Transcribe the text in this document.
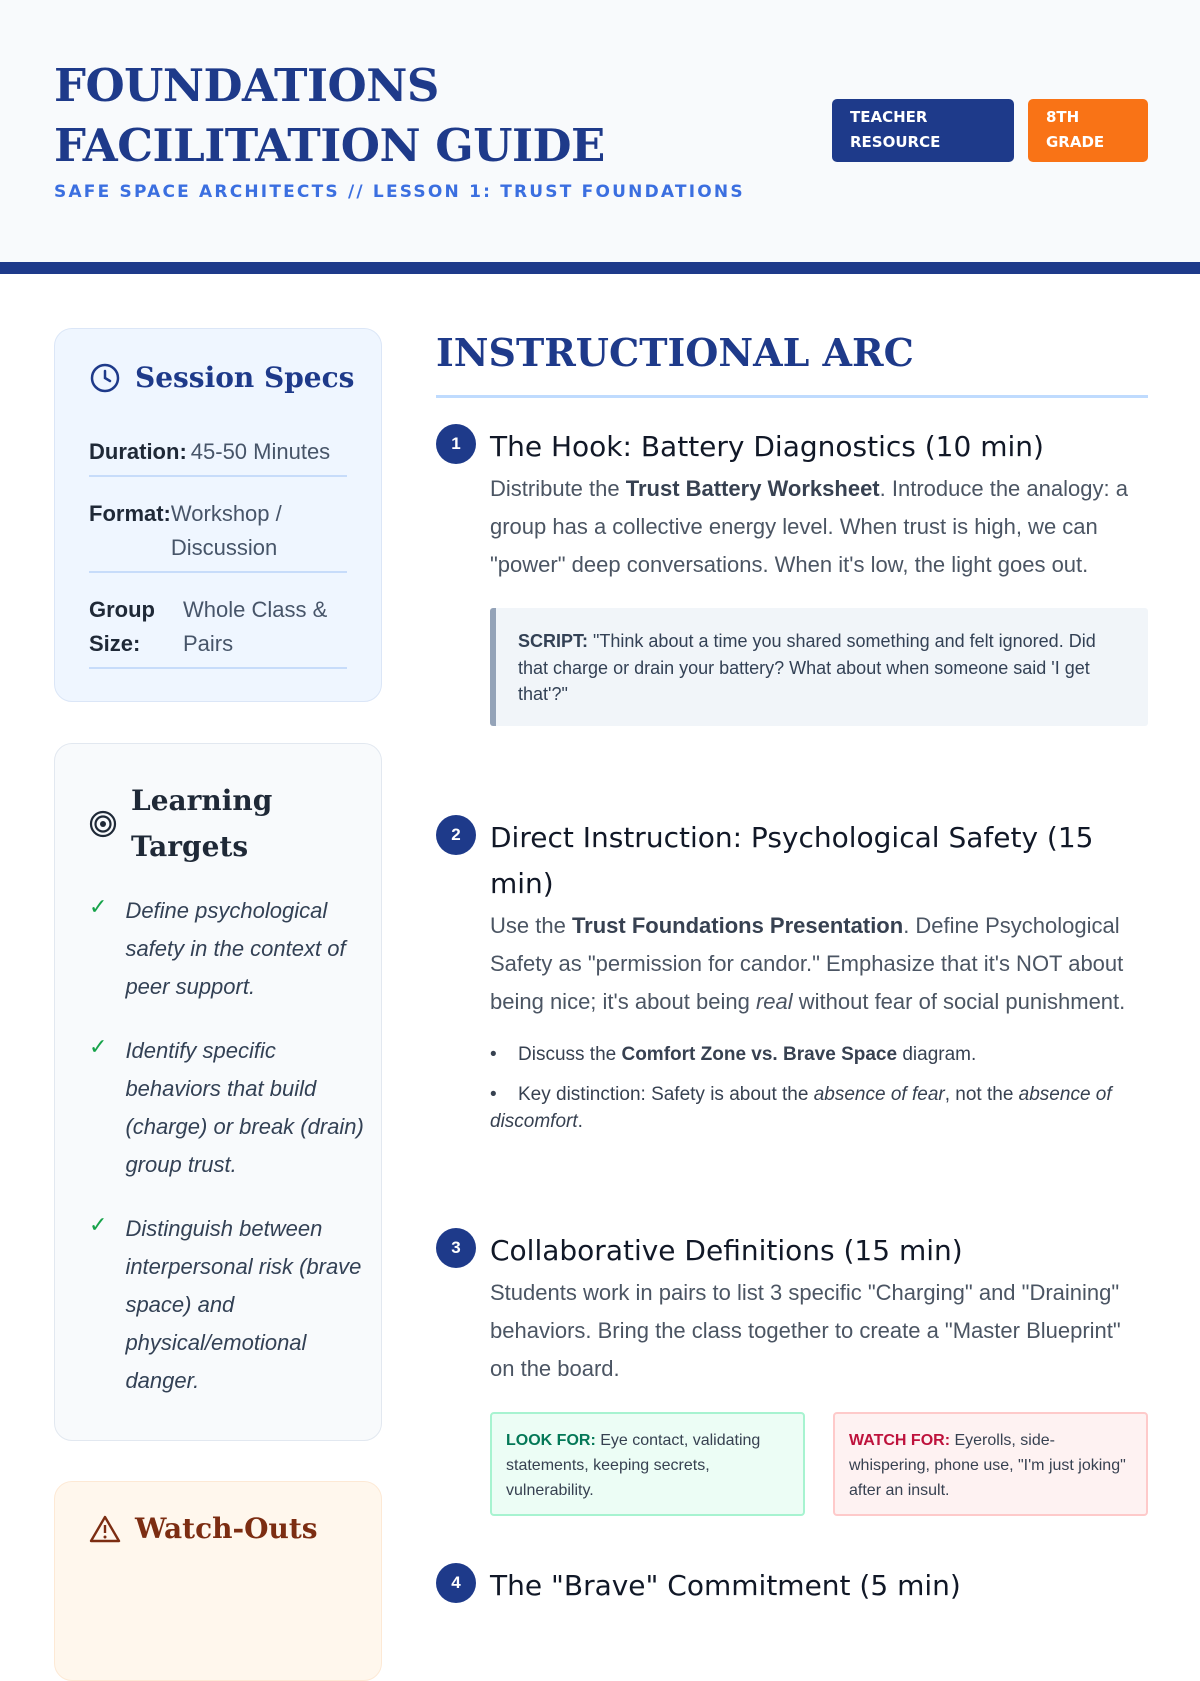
FOUNDATIONS FACILITATION GUIDE
SAFE SPACE ARCHITECTS // LESSON 1: TRUST FOUNDATIONS
TEACHER RESOURCE
8TH GRADE
Session Specs
Duration: 45-50 Minutes
Format: Workshop / Discussion
Group Size:
Whole Class & Pairs
Learning Targets
✓ Define psychological safety in the context of peer support.
✓ Identify specific behaviors that build (charge) or break (drain) group trust.
✓ Distinguish between interpersonal risk (brave space) and physical/emotional danger.
Watch-Outs
INSTRUCTIONAL ARC
1	The Hook: Battery Diagnostics (10 min)
Distribute the Trust Battery Worksheet. Introduce the analogy: a group has a collective energy level. When trust is high, we can "power" deep conversations. When it's low, the light goes out.
SCRIPT: "Think about a time you shared something and felt ignored. Did that charge or drain your battery? What about when someone said 'I get that'?"
2	Direct Instruction: Psychological Safety (15 min)
Use the Trust Foundations Presentation. Define Psychological Safety as "permission for candor." Emphasize that it's NOT about being nice; it's about being real without fear of social punishment.
• Discuss the Comfort Zone vs. Brave Space diagram.
• Key distinction: Safety is about the absence of fear, not the absence of discomfort.
3	Collaborative Definitions (15 min)
Students work in pairs to list 3 specific "Charging" and "Draining" behaviors. Bring the class together to create a "Master Blueprint" on the board.
LOOK FOR: Eye contact, validating statements, keeping secrets, vulnerability.
WATCH FOR: Eyerolls, side-whispering, phone use, "I'm just joking" after an insult.
4	The "Brave" Commitment (5 min)
